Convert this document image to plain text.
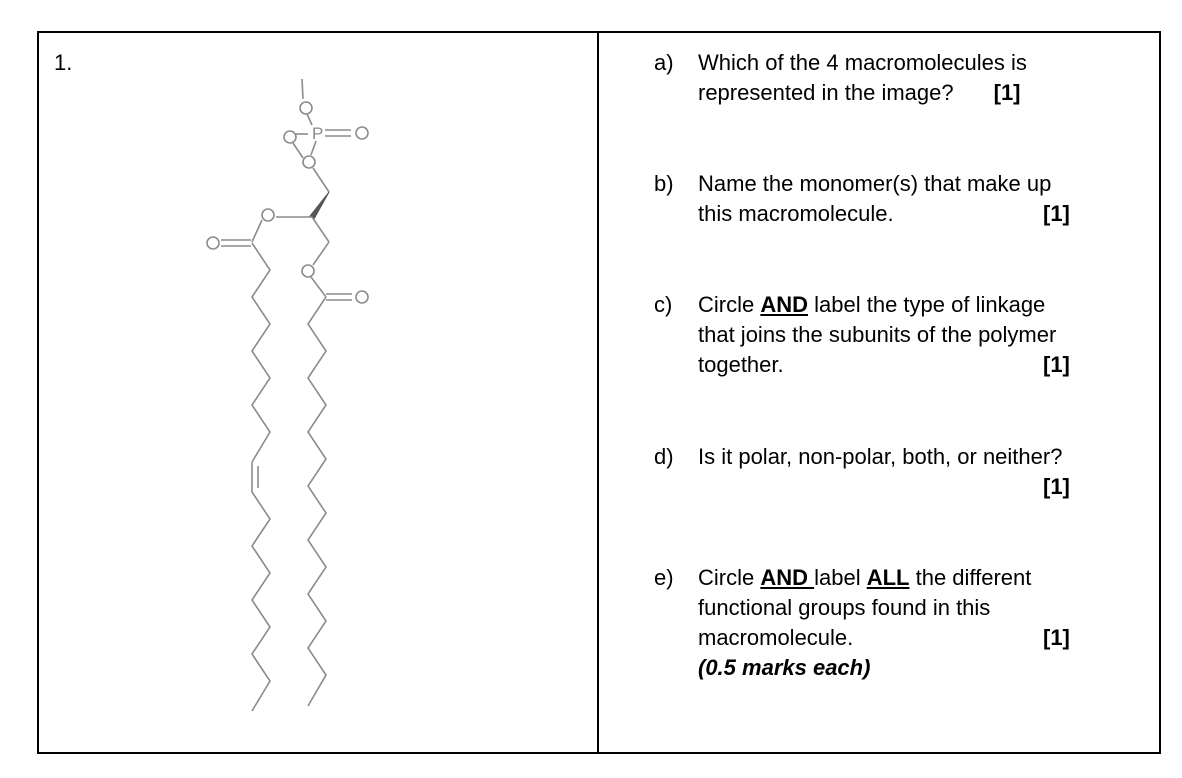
1.
P
a) Which of the 4 macromolecules is
represented in the image? [1]
b) Name the monomer(s) that make up
this macromolecule.	[1]
c) Circle AND label the type of linkage
that joins the subunits of the polymer
together.	[1]
d) Is it polar, non-polar, both, or neither?
[1]
e) Circle AND label ALL the different
functional groups found in this
macromolecule.	[1]
(0.5 marks each)
